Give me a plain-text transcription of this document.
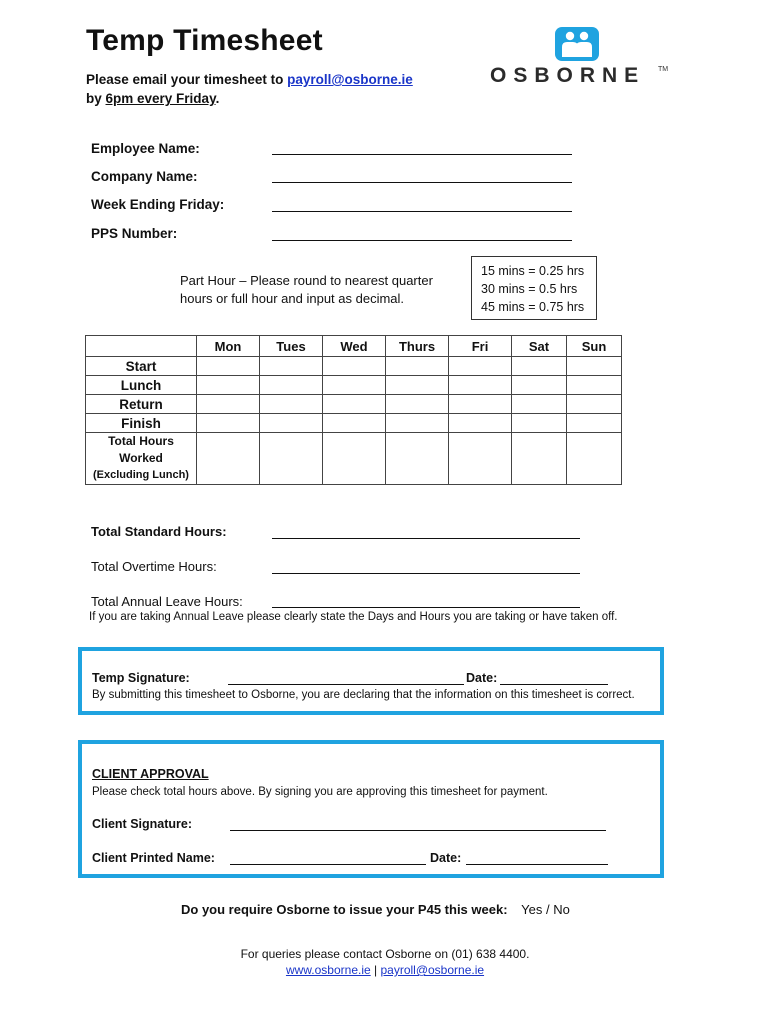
Temp Timesheet
Please email your timesheet to payroll@osborne.ie
by 6pm every Friday.
OSBORNE TM
Employee Name:
Company Name:
Week Ending Friday:
PPS Number:
Part Hour – Please round to nearest quarter hours or full hour and input as decimal.
15 mins = 0.25 hrs
30 mins = 0.5 hrs
45 mins = 0.75 hrs
	Mon	Tues	Wed	Thurs	Fri	Sat	Sun
Start							
Lunch							
Return							
Finish							

Total Hours
Worked
(Excluding Lunch)							

Total Standard Hours:
Total Overtime Hours:
Total Annual Leave Hours:
If you are taking Annual Leave please clearly state the Days and Hours you are taking or have taken off.
Temp Signature:	Date:
By submitting this timesheet to Osborne, you are declaring that the information on this timesheet is correct.
CLIENT APPROVAL
Please check total hours above. By signing you are approving this timesheet for payment.
Client Signature:
Client Printed Name:	Date:
Do you require Osborne to issue your P45 this week: Yes / No
For queries please contact Osborne on (01) 638 4400.
www.osborne.ie | payroll@osborne.ie
